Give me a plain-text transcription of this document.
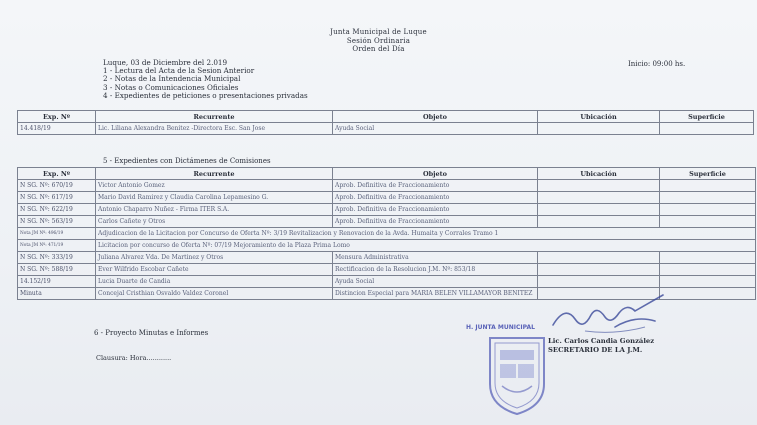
Junta Municipal de Luque
Sesión Ordinaria
Orden del Día
Inicio: 09:00 hs.
Luque, 03 de Diciembre del 2.019
1 - Lectura del Acta de la Sesion Anterior
2 - Notas de la Intendencia Municipal
3 - Notas o Comunicaciones Oficiales
4 - Expedientes de peticiones o presentaciones privadas
Exp. Nº	Recurrente	Objeto	Ubicación	Superficie
14.418/19	Lic. Liliana Alexandra Benitez -Directora Esc. San Jose	Ayuda Social		
5 - Expedientes con Dictámenes de Comisiones
Exp. Nº	Recurrente	Objeto	Ubicación	Superficie
N SG. Nº: 670/19	Victor Antonio Gomez	Aprob. Definitiva de Fraccionamiento		
N SG. Nº: 617/19	Mario David Ramirez y Claudia Carolina Lepamesino G.	Aprob. Definitiva de Fraccionamiento		
N SG. Nº: 622/19	Antonio Chaparro Nuñez - Firma ITER S.A.	Aprob. Definitiva de Fraccionamiento		
N SG. Nº: 563/19	Carlos Cañete y Otros	Aprob. Definitiva de Fraccionamiento		
Nota JM Nº: 496/19	Adjudicacion de la Licitacion por Concurso de Oferta Nº: 3/19 Revitalizacion y Renovacion de la Avda. Humaita y Corrales Tramo 1			
Nota JM Nº: 471/19	Licitacion por concurso de Oferta Nº: 07/19 Mejoramiento de la Plaza Prima Lomo			
N SG. Nº: 333/19	Juliana Alvarez Vda. De Martinez y Otros	Mensura Administrativa		
N SG. Nº: 588/19	Ever Wilfrido Escobar Cañete	Rectificacion de la Resolucion J.M. Nº: 853/18		
14.152/19	Lucia Duarte de Candia	Ayuda Social		
Minuta	Concejal Cristhian Osvaldo Valdez Coronel	Distincion Especial para MARIA BELEN VILLAMAYOR BENITEZ		
6 - Proyecto Minutas e Informes
Clausura: Hora............
H. JUNTA MUNICIPAL
Lic. Carlos Candia González
SECRETARIO DE LA J.M.
